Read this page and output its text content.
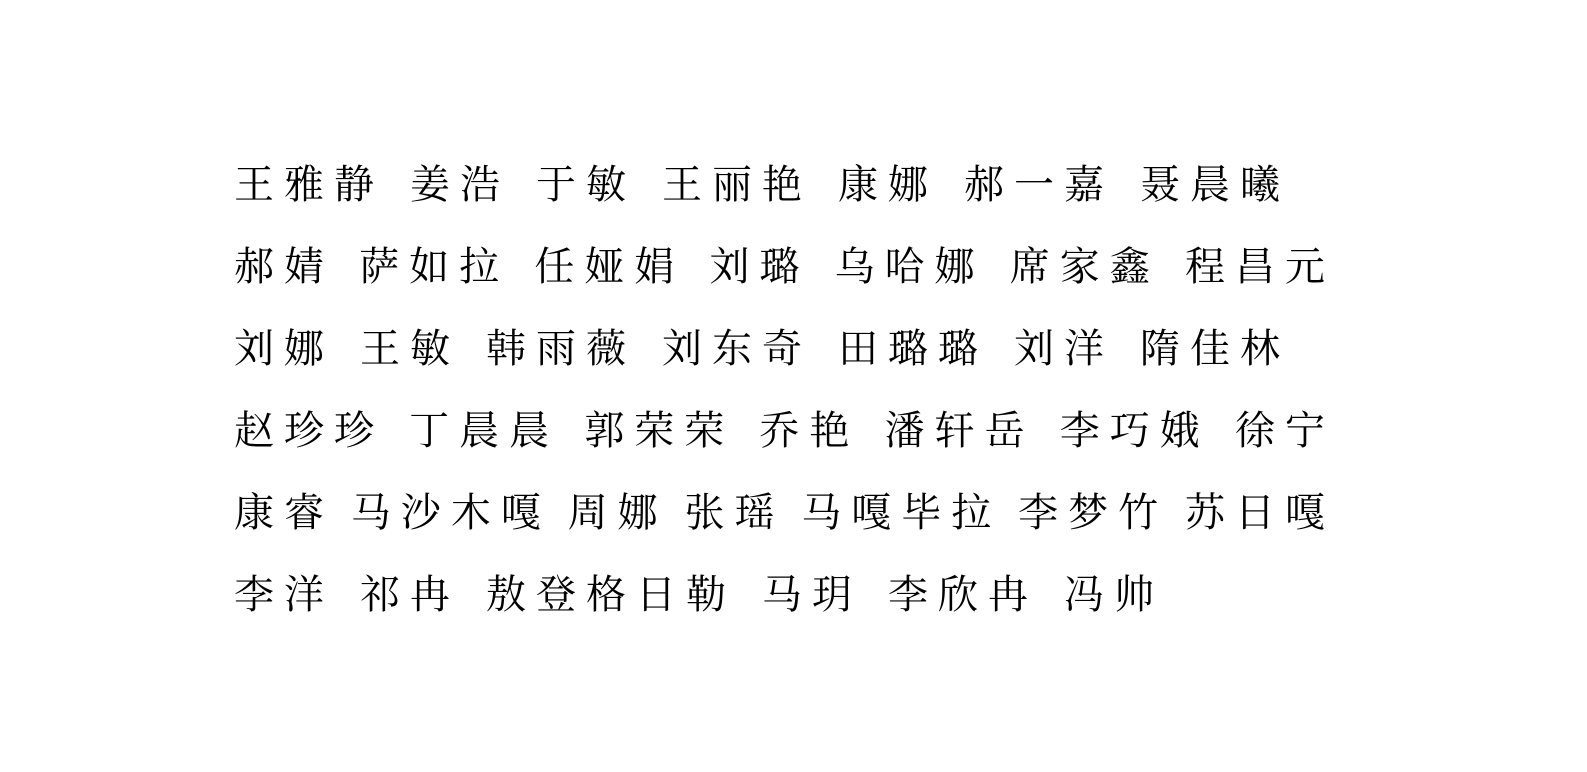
王雅静 姜浩 于敏 王丽艳 康娜 郝一嘉 聂晨曦
郝婧 萨如拉 任娅娟 刘璐 乌哈娜 席家鑫 程昌元
刘娜 王敏 韩雨薇 刘东奇 田璐璐 刘洋 隋佳林
赵珍珍 丁晨晨 郭荣荣 乔艳 潘轩岳 李巧娥 徐宁
康睿 马沙木嘎 周娜 张瑶 马嘎毕拉 李梦竹 苏日嘎
李洋 祁冉 敖登格日勒 马玥 李欣冉 冯帅
